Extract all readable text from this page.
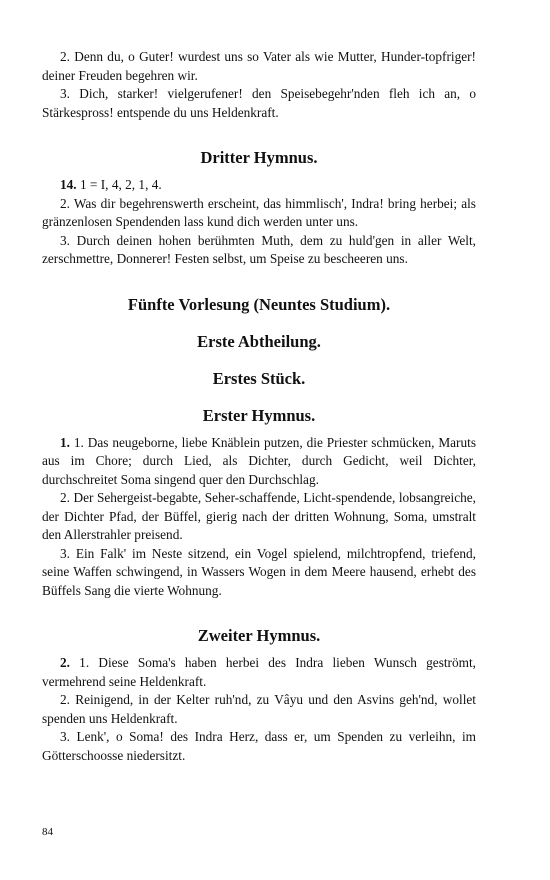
2. Denn du, o Guter! wurdest uns so Vater als wie Mutter, Hunder-topfriger! deiner Freuden begehren wir.

3. Dich, starker! vielgerufener! den Speisebegehr'nden fleh ich an, o Stärkespross! entspende du uns Heldenkraft.

Dritter Hymnus.

14. 1 = I, 4, 2, 1, 4.

2. Was dir begehrenswerth erscheint, das himmlisch', Indra! bring herbei; als gränzenlosen Spendenden lass kund dich werden unter uns.

3. Durch deinen hohen berühmten Muth, dem zu huld'gen in aller Welt, zerschmettre, Donnerer! Festen selbst, um Speise zu bescheeren uns.

Fünfte Vorlesung (Neuntes Studium).
Erste Abtheilung.
Erstes Stück.
Erster Hymnus.

1. 1. Das neugeborne, liebe Knäblein putzen, die Priester schmücken, Maruts aus im Chore; durch Lied, als Dichter, durch Gedicht, weil Dichter, durchschreitet Soma singend quer den Durchschlag.

2. Der Sehergeist-begabte, Seher-schaffende, Licht-spendende, lobsangreiche, der Dichter Pfad, der Büffel, gierig nach der dritten Wohnung, Soma, umstralt den Allerstrahler preisend.

3. Ein Falk' im Neste sitzend, ein Vogel spielend, milchtropfend, triefend, seine Waffen schwingend, in Wassers Wogen in dem Meere hausend, erhebt des Büffels Sang die vierte Wohnung.

Zweiter Hymnus.

2. 1. Diese Soma's haben herbei des Indra lieben Wunsch geströmt, vermehrend seine Heldenkraft.

2. Reinigend, in der Kelter ruh'nd, zu Vâyu und den Asvins geh'nd, wollet spenden uns Heldenkraft.

3. Lenk', o Soma! des Indra Herz, dass er, um Spenden zu verleihn, im Götterschoosse niedersitzt.

84
